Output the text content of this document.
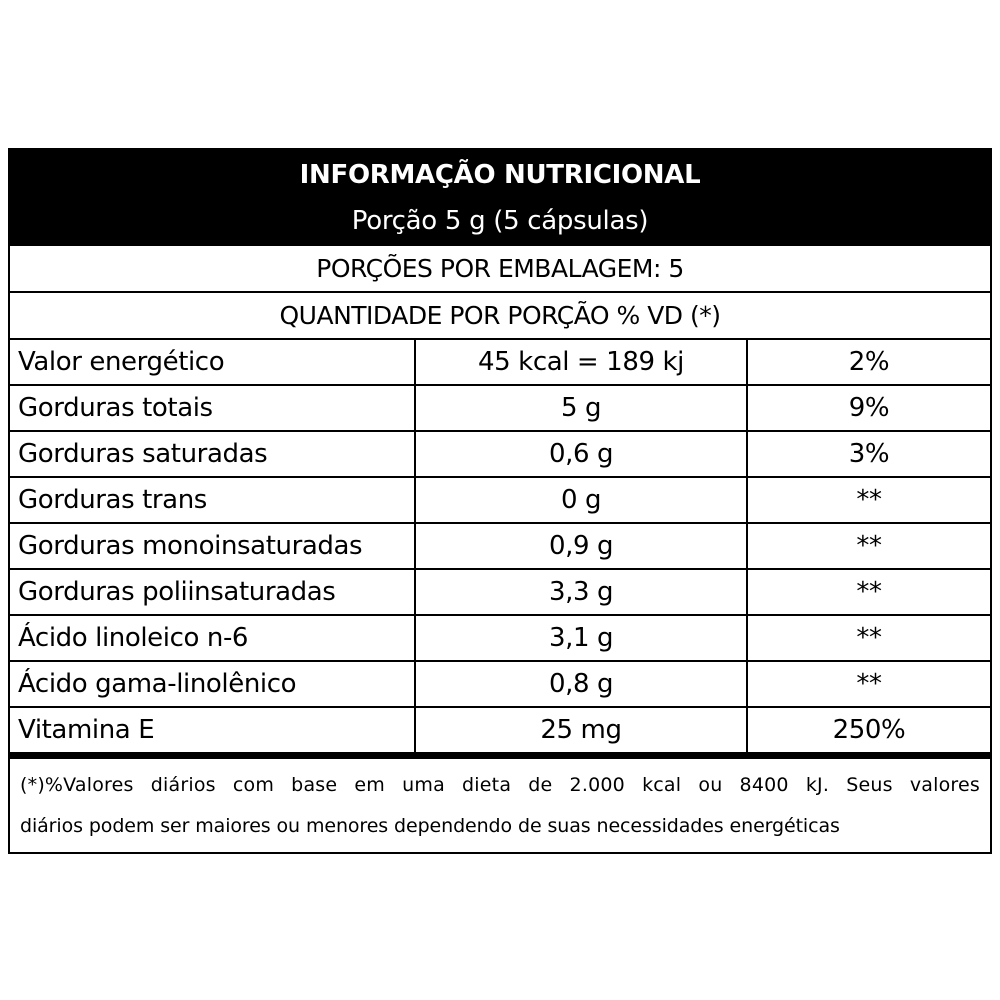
INFORMAÇÃO NUTRICIONAL
Porção 5 g (5 cápsulas)
PORÇÕES POR EMBALAGEM: 5
QUANTIDADE POR PORÇÃO % VD (*)
Valor energético	45 kcal = 189 kj	2%
Gorduras totais	5 g	9%
Gorduras saturadas	0,6 g	3%
Gorduras trans	0 g	**
Gorduras monoinsaturadas	0,9 g	**
Gorduras poliinsaturadas	3,3 g	**
Ácido linoleico n-6	3,1 g	**
Ácido gama-linolênico	0,8 g	**
Vitamina E	25 mg	250%
(*)%Valores diários com base em uma dieta de 2.000 kcal ou 8400 kJ. Seus valores
diários podem ser maiores ou menores dependendo de suas necessidades energéticas
